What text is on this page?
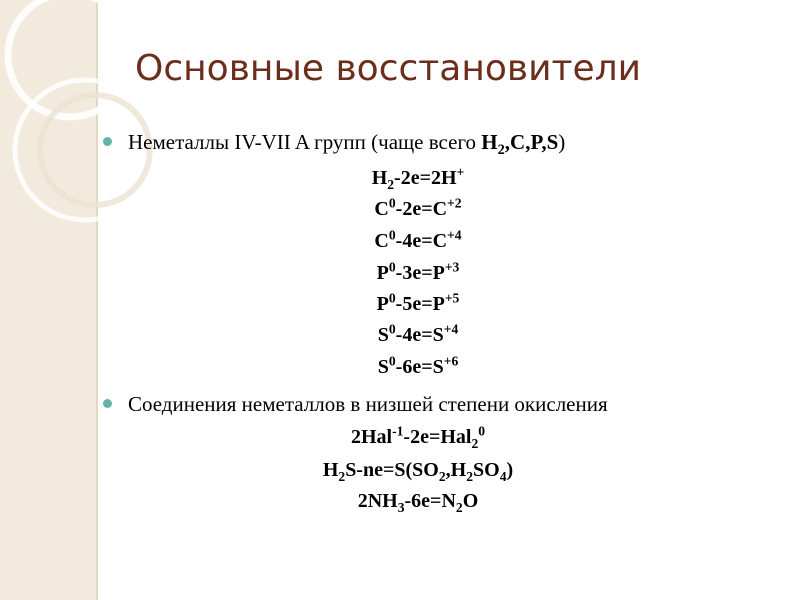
Основные восстановители
Неметаллы IV-VII A групп (чаще всего $H_2,C,P,S$)
$H_2-2e=2H^+$
$C^0-2e=C^{+2}$
$C^0-4e=C^{+4}$
$P^0-3e=P^{+3}$
$P^0-5e=P^{+5}$
$S^0-4e=S^{+4}$
$S^0-6e=S^{+6}$
Соединения неметаллов в низшей степени окисления
2Hal$^{-1}$-2e=Hal$_2^0$
$H_2S-ne=S(SO_2,H_2SO_4)$
$2NH_3-6e=N_2O$
